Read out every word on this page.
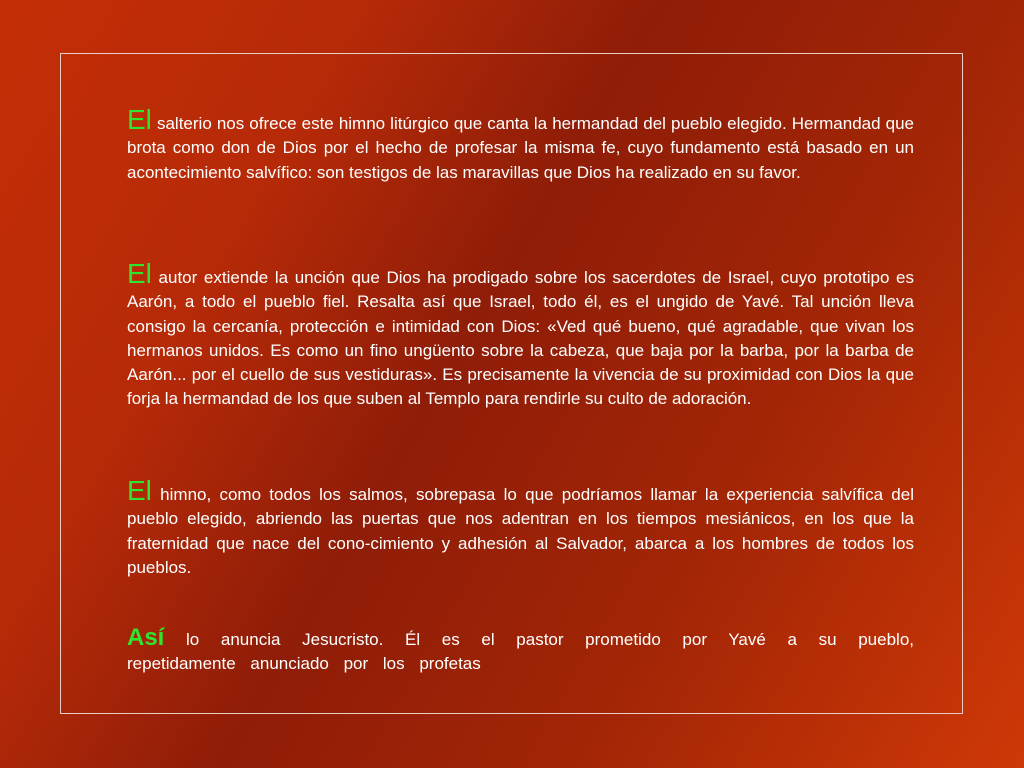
El salterio nos ofrece este himno litúrgico que canta la hermandad del pueblo elegido. Hermandad que brota como don de Dios por el hecho de profesar la misma fe, cuyo fundamento está basado en un acontecimiento salvífico: son testigos de las maravillas que Dios ha realizado en su favor.

El autor extiende la unción que Dios ha prodigado sobre los sacerdotes de Israel, cuyo prototipo es Aarón, a todo el pueblo fiel. Resalta así que Israel, todo él, es el ungido de Yavé. Tal unción lleva consigo la cercanía, protección e intimidad con Dios: «Ved qué bueno, qué agradable, que vivan los hermanos unidos. Es como un fino ungüento sobre la cabeza, que baja por la barba, por la barba de Aarón... por el cuello de sus vestiduras». Es precisamente la vivencia de su proximidad con Dios la que forja la hermandad de los que suben al Templo para rendirle su culto de adoración.

El himno, como todos los salmos, sobrepasa lo que podríamos llamar la experiencia salvífica del pueblo elegido, abriendo las puertas que nos adentran en los tiempos mesiánicos, en los que la fraternidad que nace del cono-cimiento y adhesión al Salvador, abarca a los hombres de todos los pueblos.

Así lo anuncia Jesucristo. Él es el pastor prometido por Yavé a su pueblo, repetidamente anunciado por los profetas
